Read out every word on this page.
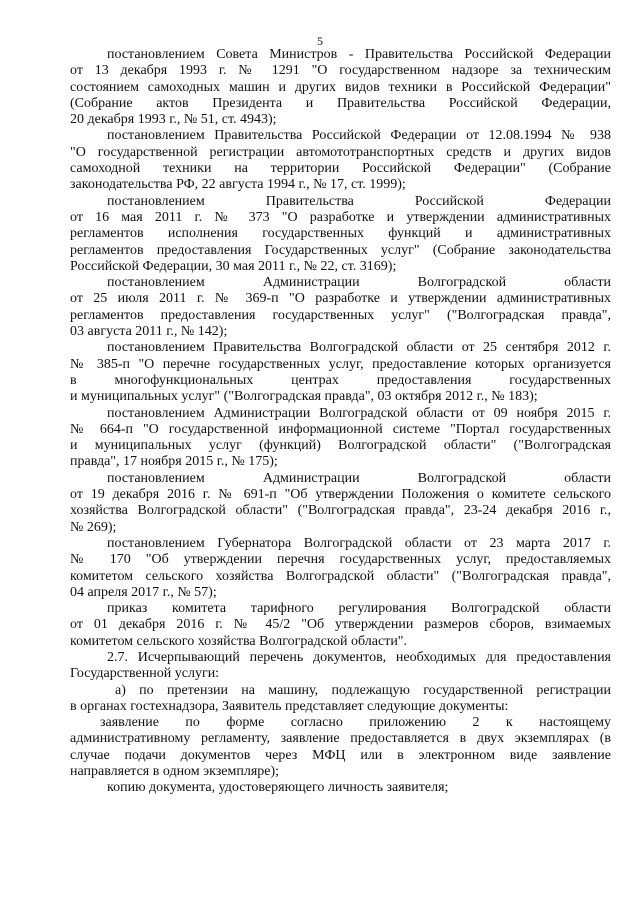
5
постановлением Совета Министров - Правительства Российской Федерации
от 13 декабря 1993 г. № 1291 "О государственном надзоре за техническим
состоянием самоходных машин и других видов техники в Российской Федерации"
(Собрание актов Президента и Правительства Российской Федерации,
20 декабря 1993 г., № 51, ст. 4943);
постановлением Правительства Российской Федерации от 12.08.1994 № 938
"О государственной регистрации автомототранспортных средств и других видов
самоходной техники на территории Российской Федерации" (Собрание
законодательства РФ, 22 августа 1994 г., № 17, ст. 1999);
постановлением Правительства Российской Федерации
от 16 мая 2011 г. № 373 "О разработке и утверждении административных
регламентов исполнения государственных функций и административных
регламентов предоставления Государственных услуг" (Собрание законодательства
Российской Федерации, 30 мая 2011 г., № 22, ст. 3169);
постановлением Администрации Волгоградской области
от 25 июля 2011 г. № 369-п "О разработке и утверждении административных
регламентов предоставления государственных услуг" ("Волгоградская правда",
03 августа 2011 г., № 142);
постановлением Правительства Волгоградской области от 25 сентября 2012 г.
№ 385-п "О перечне государственных услуг, предоставление которых организуется
в многофункциональных центрах предоставления государственных
и муниципальных услуг" ("Волгоградская правда", 03 октября 2012 г., № 183);
постановлением Администрации Волгоградской области от 09 ноября 2015 г.
№ 664-п "О государственной информационной системе "Портал государственных
и муниципальных услуг (функций) Волгоградской области" ("Волгоградская
правда", 17 ноября 2015 г., № 175);
постановлением Администрации Волгоградской области
от 19 декабря 2016 г. № 691-п "Об утверждении Положения о комитете сельского
хозяйства Волгоградской области" ("Волгоградская правда", 23-24 декабря 2016 г.,
№ 269);
постановлением Губернатора Волгоградской области от 23 марта 2017 г.
№ 170 "Об утверждении перечня государственных услуг, предоставляемых
комитетом сельского хозяйства Волгоградской области" ("Волгоградская правда",
04 апреля 2017 г., № 57);
приказ комитета тарифного регулирования Волгоградской области
от 01 декабря 2016 г. № 45/2 "Об утверждении размеров сборов, взимаемых
комитетом сельского хозяйства Волгоградской области".
2.7. Исчерпывающий перечень документов, необходимых для предоставления
Государственной услуги:
а) по претензии на машину, подлежащую государственной регистрации
в органах гостехнадзора, Заявитель представляет следующие документы:
заявление по форме согласно приложению 2 к настоящему
административному регламенту, заявление предоставляется в двух экземплярах (в
случае подачи документов через МФЦ или в электронном виде заявление
направляется в одном экземпляре);
копию документа, удостоверяющего личность заявителя;
